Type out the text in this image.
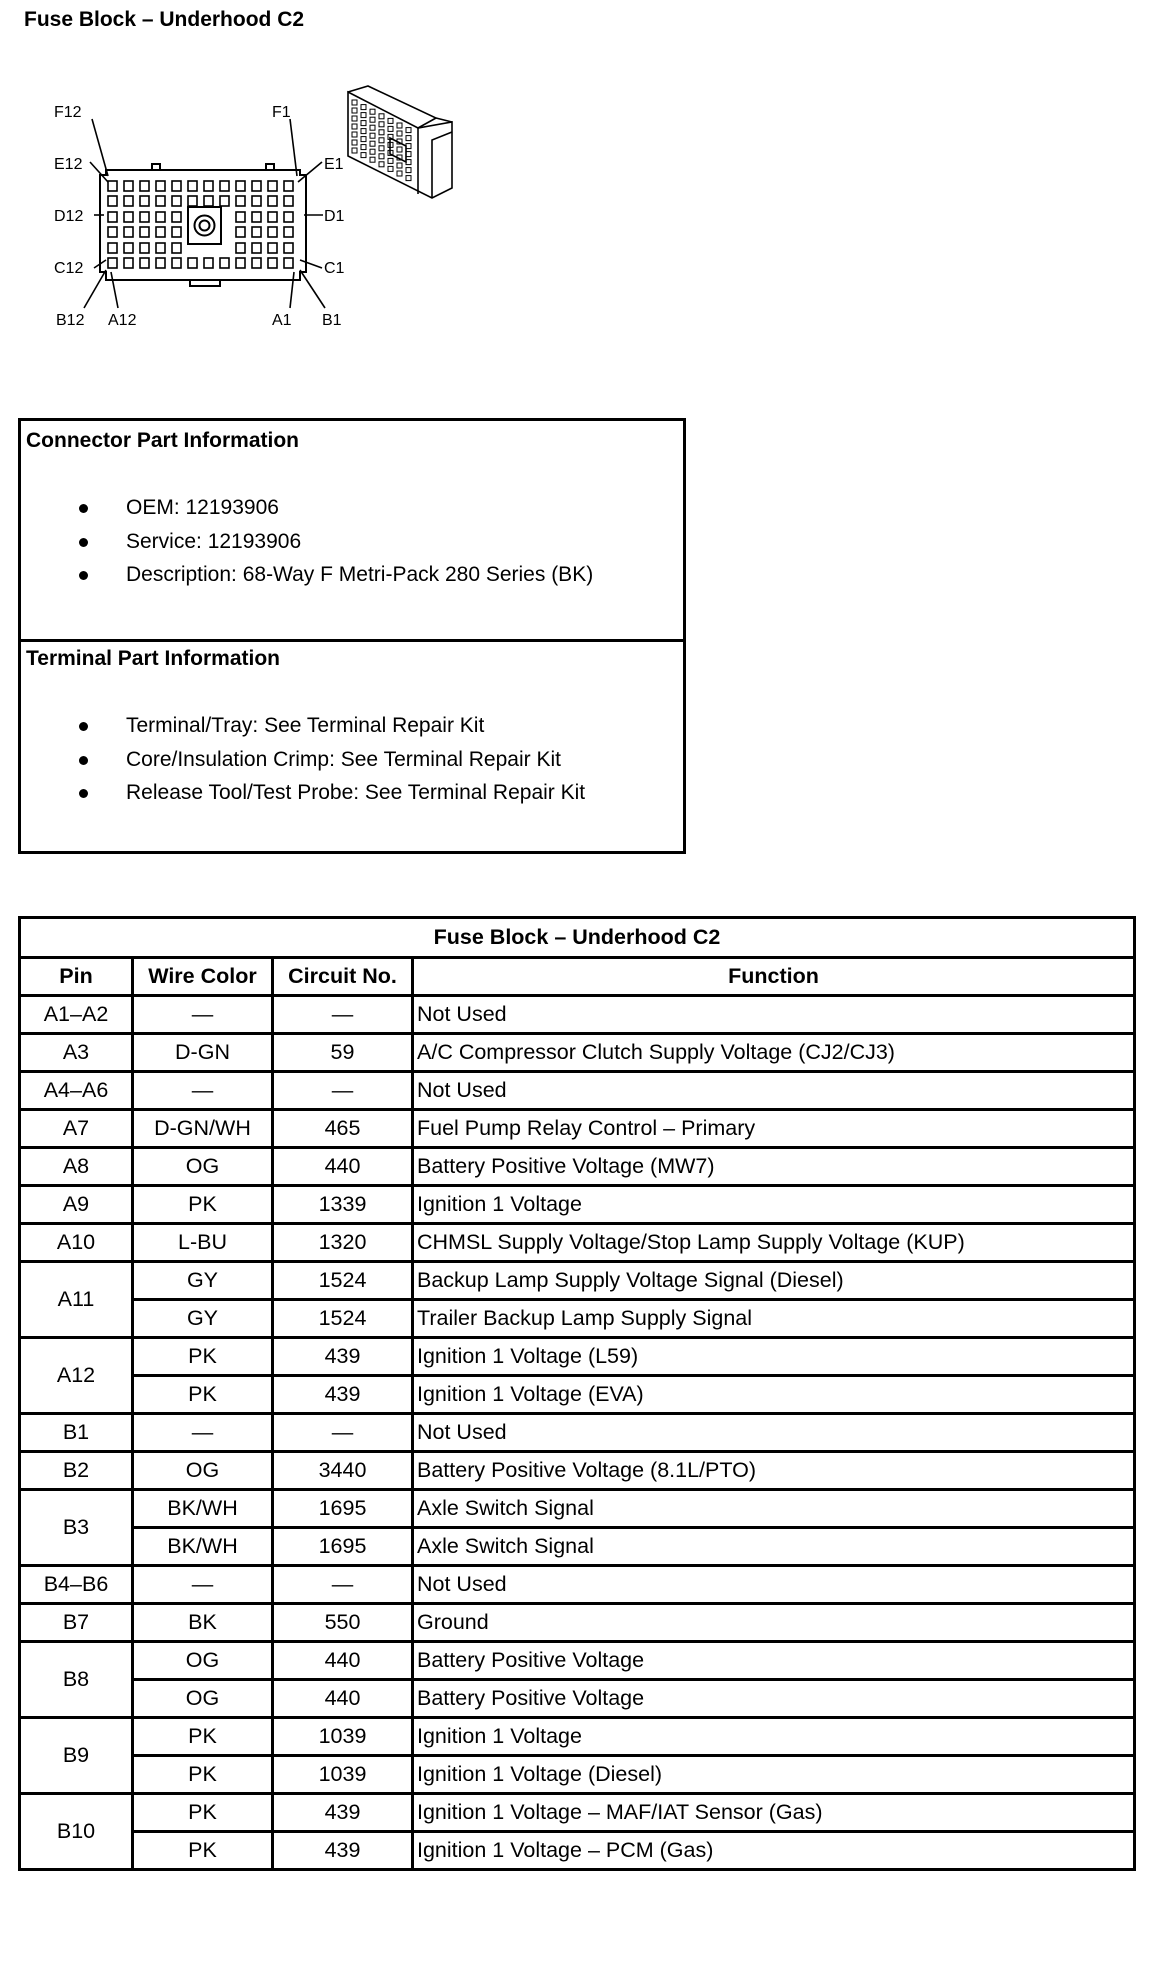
Fuse Block – Underhood C2
F12	F1
E12	E1
D12	D1
C12	C1
B12 A12	A1 B1
Connector Part Information
OEM: 12193906
Service: 12193906
Description: 68-Way F Metri-Pack 280 Series (BK)
Terminal Part Information
Terminal/Tray: See Terminal Repair Kit
Core/Insulation Crimp: See Terminal Repair Kit
Release Tool/Test Probe: See Terminal Repair Kit
Fuse Block – Underhood C2			
Pin	Wire Color	Circuit No.	Function
A1–A2	—	—	Not Used
A3	D-GN	59	A/C Compressor Clutch Supply Voltage (CJ2/CJ3)
A4–A6	—	—	Not Used
A7	D-GN/WH	465	Fuel Pump Relay Control – Primary
A8	OG	440	Battery Positive Voltage (MW7)
A9	PK	1339	Ignition 1 Voltage
A10	L-BU	1320	CHMSL Supply Voltage/Stop Lamp Supply Voltage (KUP)
A11	GY	1524	Backup Lamp Supply Voltage Signal (Diesel)
	GY	1524	Trailer Backup Lamp Supply Signal
A12	PK	439	Ignition 1 Voltage (L59)
	PK	439	Ignition 1 Voltage (EVA)
B1	—	—	Not Used
B2	OG	3440	Battery Positive Voltage (8.1L/PTO)
B3	BK/WH	1695	Axle Switch Signal
	BK/WH	1695	Axle Switch Signal
B4–B6	—	—	Not Used
B7	BK	550	Ground
B8	OG	440	Battery Positive Voltage
	OG	440	Battery Positive Voltage
B9	PK	1039	Ignition 1 Voltage
	PK	1039	Ignition 1 Voltage (Diesel)
B10	PK	439	Ignition 1 Voltage – MAF/IAT Sensor (Gas)
	PK	439	Ignition 1 Voltage – PCM (Gas)
